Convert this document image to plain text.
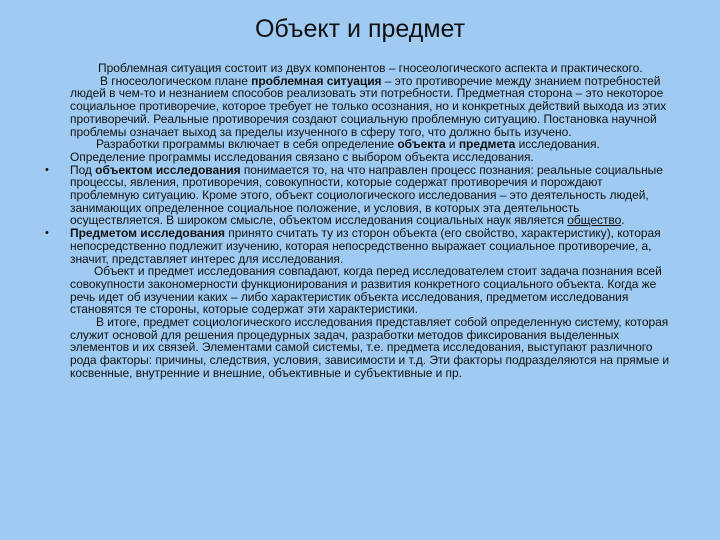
Объект и предмет

Проблемная ситуация состоит из двух компонентов – гносеологического аспекта и практического.

В гносеологическом плане проблемная ситуация – это противоречие между знанием потребностей людей в чем-то и незнанием способов реализовать эти потребности. Предметная сторона – это некоторое социальное противоречие, которое требует не только осознания, но и конкретных действий выхода из этих противоречий. Реальные противоречия создают социальную проблемную ситуацию. Постановка научной проблемы означает выход за пределы изученного в сферу того, что должно быть изучено.

Разработки программы включает в себя определение объекта и предмета исследования. Определение программы исследования связано с выбором объекта исследования.

•	Под объектом исследования понимается то, на что направлен процесс познания: реальные социальные процессы, явления, противоречия, совокупности, которые содержат противоречия и порождают проблемную ситуацию. Кроме этого, объект социологического исследования – это деятельность людей, занимающих определенное социальное положение, и условия, в которых эта деятельность осуществляется. В широком смысле, объектом исследования социальных наук является общество.

•	Предметом исследования принято считать ту из сторон объекта (его свойство, характеристику), которая непосредственно подлежит изучению, которая непосредственно выражает социальное противоречие, а, значит, представляет интерес для исследования.

Объект и предмет исследования совпадают, когда перед исследователем стоит задача познания всей совокупности закономерности функционирования и развития конкретного социального объекта. Когда же речь идет об изучении каких – либо характеристик объекта исследования, предметом исследования становятся те стороны, которые содержат эти характеристики.

В итоге, предмет социологического исследования представляет собой определенную систему, которая служит основой для решения процедурных задач, разработки методов фиксирования выделенных элементов и их связей. Элементами самой системы, т.е. предмета исследования, выступают различного рода факторы: причины, следствия, условия, зависимости и т.д. Эти факторы подразделяются на прямые и косвенные, внутренние и внешние, объективные и субъективные и пр.
